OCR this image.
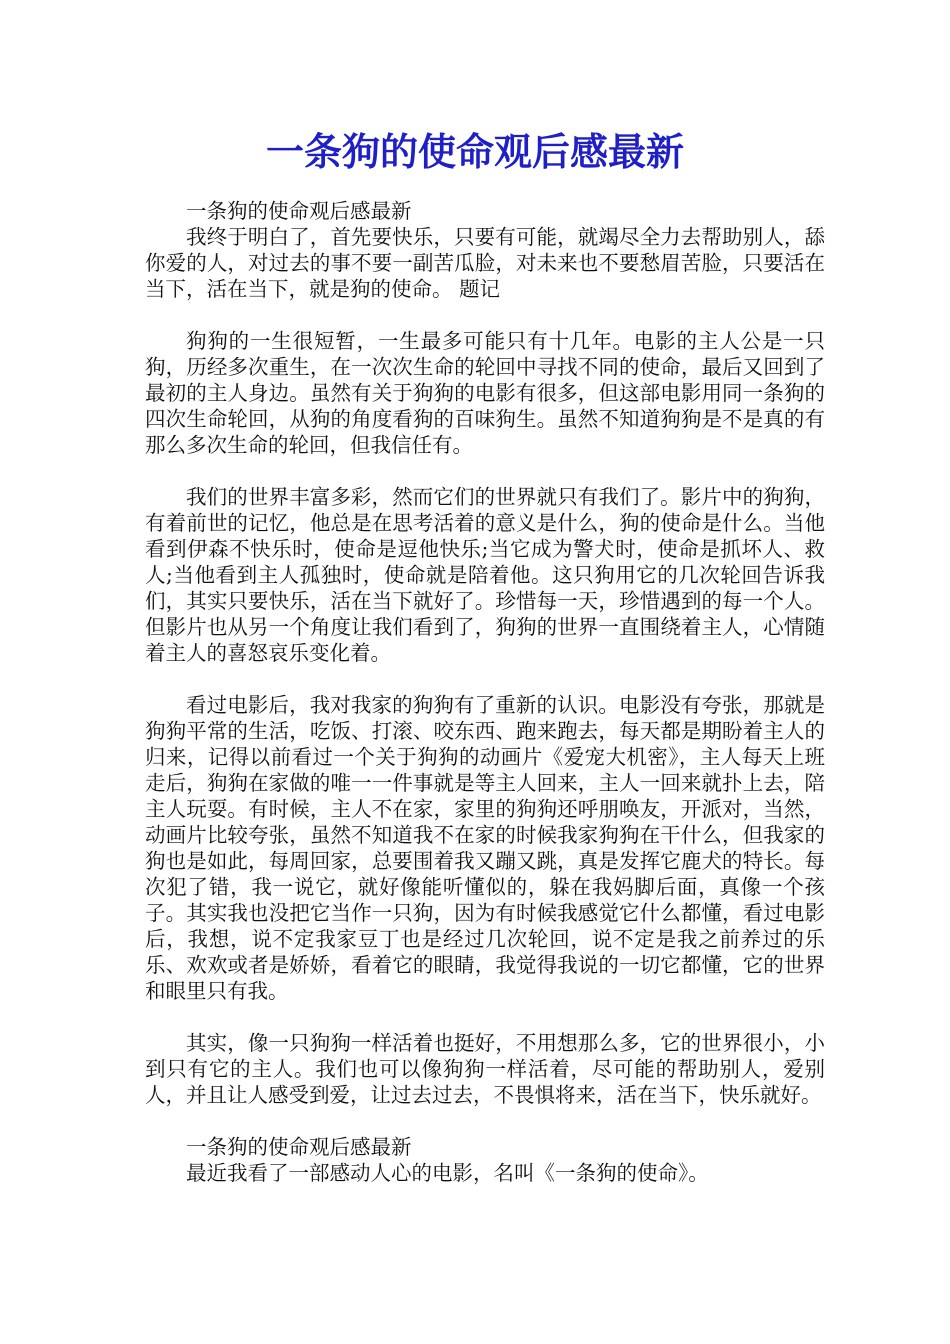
一条狗的使命观后感最新

一条狗的使命观后感最新

我终于明白了，首先要快乐，只要有可能，就竭尽全力去帮助别人，舔你爱的人，对过去的事不要一副苦瓜脸，对未来也不要愁眉苦脸，只要活在当下，活在当下，就是狗的使命。 题记

狗狗的一生很短暂，一生最多可能只有十几年。电影的主人公是一只狗，历经多次重生，在一次次生命的轮回中寻找不同的使命，最后又回到了最初的主人身边。虽然有关于狗狗的电影有很多，但这部电影用同一条狗的四次生命轮回，从狗的角度看狗的百味狗生。虽然不知道狗狗是不是真的有那么多次生命的轮回，但我信任有。

我们的世界丰富多彩，然而它们的世界就只有我们了。影片中的狗狗，有着前世的记忆，他总是在思考活着的意义是什么，狗的使命是什么。当他看到伊森不快乐时，使命是逗他快乐;当它成为警犬时，使命是抓坏人、救人;当他看到主人孤独时，使命就是陪着他。这只狗用它的几次轮回告诉我们，其实只要快乐，活在当下就好了。珍惜每一天，珍惜遇到的每一个人。但影片也从另一个角度让我们看到了，狗狗的世界一直围绕着主人，心情随着主人的喜怒哀乐变化着。

看过电影后，我对我家的狗狗有了重新的认识。电影没有夸张，那就是狗狗平常的生活，吃饭、打滚、咬东西、跑来跑去，每天都是期盼着主人的归来，记得以前看过一个关于狗狗的动画片《爱宠大机密》，主人每天上班走后，狗狗在家做的唯一一件事就是等主人回来，主人一回来就扑上去，陪主人玩耍。有时候，主人不在家，家里的狗狗还呼朋唤友，开派对，当然，动画片比较夸张，虽然不知道我不在家的时候我家狗狗在干什么，但我家的狗也是如此，每周回家，总要围着我又蹦又跳，真是发挥它鹿犬的特长。每次犯了错，我一说它，就好像能听懂似的，躲在我妈脚后面，真像一个孩子。其实我也没把它当作一只狗，因为有时候我感觉它什么都懂，看过电影后，我想，说不定我家豆丁也是经过几次轮回，说不定是我之前养过的乐乐、欢欢或者是娇娇，看着它的眼睛，我觉得我说的一切它都懂，它的世界和眼里只有我。

其实，像一只狗狗一样活着也挺好，不用想那么多，它的世界很小，小到只有它的主人。我们也可以像狗狗一样活着，尽可能的帮助别人，爱别人，并且让人感受到爱，让过去过去，不畏惧将来，活在当下，快乐就好。

一条狗的使命观后感最新

最近我看了一部感动人心的电影，名叫《一条狗的使命》。
